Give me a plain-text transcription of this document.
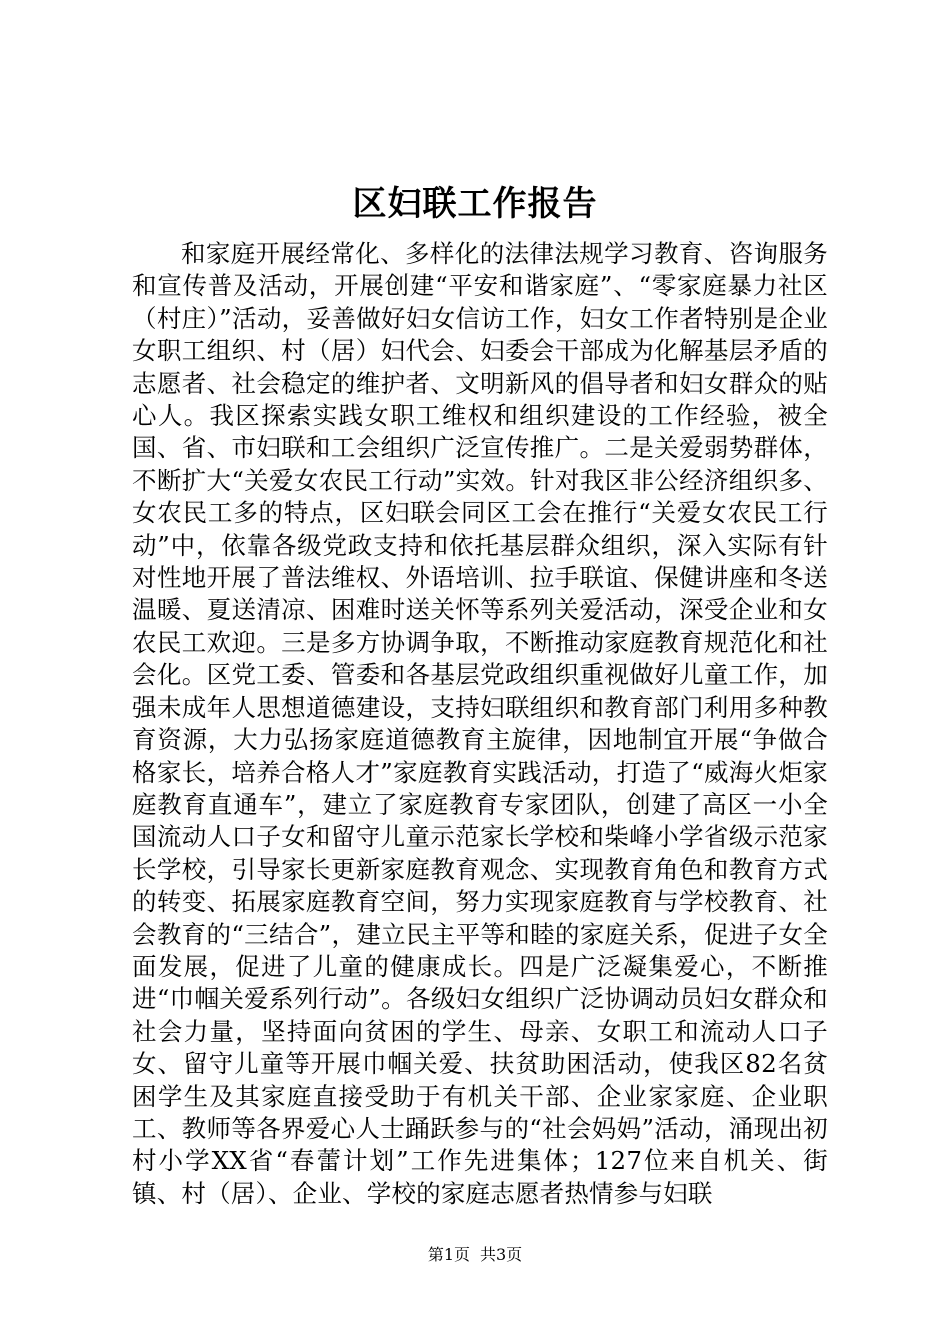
区妇联工作报告

和家庭开展经常化、多样化的法律法规学习教育、咨询服务和宣传普及活动，开展创建“平安和谐家庭”、“零家庭暴力社区（村庄）”活动，妥善做好妇女信访工作，妇女工作者特别是企业女职工组织、村（居）妇代会、妇委会干部成为化解基层矛盾的志愿者、社会稳定的维护者、文明新风的倡导者和妇女群众的贴心人。我区探索实践女职工维权和组织建设的工作经验，被全国、省、市妇联和工会组织广泛宣传推广。二是关爱弱势群体，不断扩大“关爱女农民工行动”实效。针对我区非公经济组织多、女农民工多的特点，区妇联会同区工会在推行“关爱女农民工行动”中，依靠各级党政支持和依托基层群众组织，深入实际有针对性地开展了普法维权、外语培训、拉手联谊、保健讲座和冬送温暖、夏送清凉、困难时送关怀等系列关爱活动，深受企业和女农民工欢迎。三是多方协调争取，不断推动家庭教育规范化和社会化。区党工委、管委和各基层党政组织重视做好儿童工作，加强未成年人思想道德建设，支持妇联组织和教育部门利用多种教育资源，大力弘扬家庭道德教育主旋律，因地制宜开展“争做合格家长，培养合格人才”家庭教育实践活动，打造了“威海火炬家庭教育直通车”，建立了家庭教育专家团队，创建了高区一小全国流动人口子女和留守儿童示范家长学校和柴峰小学省级示范家长学校，引导家长更新家庭教育观念、实现教育角色和教育方式的转变、拓展家庭教育空间，努力实现家庭教育与学校教育、社会教育的“三结合”，建立民主平等和睦的家庭关系，促进子女全面发展，促进了儿童的健康成长。四是广泛凝集爱心，不断推进“巾帼关爱系列行动”。各级妇女组织广泛协调动员妇女群众和社会力量，坚持面向贫困的学生、母亲、女职工和流动人口子女、留守儿童等开展巾帼关爱、扶贫助困活动，使我区82名贫困学生及其家庭直接受助于有机关干部、企业家家庭、企业职工、教师等各界爱心人士踊跃参与的“社会妈妈”活动，涌现出初村小学XX省“春蕾计划”工作先进集体；127位来自机关、街镇、村（居）、企业、学校的家庭志愿者热情参与妇联

第1页 共3页
